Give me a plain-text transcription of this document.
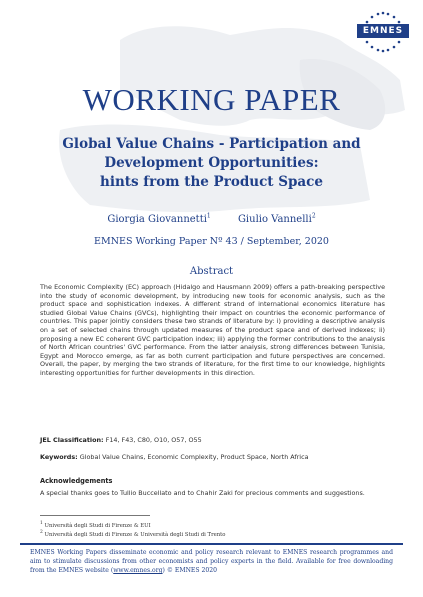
EMNES
WORKING PAPER
Global Value Chains - Participation and
Development Opportunities:
hints from the Product Space
Giorgia Giovannetti$^1$	Giulio Vannelli$^2$
EMNES Working Paper Nº 43 / September, 2020
Abstract
The Economic Complexity (EC) approach (Hidalgo and Hausmann 2009) offers a path-breaking perspective into the study of economic development, by introducing new tools for economic analysis, such as the product space and sophistication indexes. A different strand of international economics literature has studied Global Value Chains (GVCs), highlighting their impact on countries the economic performance of countries. This paper jointly considers these two strands of literature by: i) providing a descriptive analysis on a set of selected chains through updated measures of the product space and of derived indexes; ii) proposing a new EC coherent GVC participation index; iii) applying the former contributions to the analysis of North African countries' GVC performance. From the latter analysis, strong differences between Tunisia, Egypt and Morocco emerge, as far as both current participation and future perspectives are concerned. Overall, the paper, by merging the two strands of literature, for the first time to our knowledge, highlights interesting opportunities for further developments in this direction.
JEL Classification: F14, F43, C80, O10, O57, O55
Keywords: Global Value Chains, Economic Complexity, Product Space, North Africa
Acknowledgements
A special thanks goes to Tullio Buccellato and to Chahir Zaki for precious comments and suggestions.
$^1$ Università degli Studi di Firenze & EUI
$^2$ Università degli Studi di Firenze & Università degli Studi di Trento
EMNES Working Papers disseminate economic and policy research relevant to EMNES research programmes and aim to stimulate discussions from other economists and policy experts in the field. Available for free downloading from the EMNES website (www.emnes.org) © EMNES 2020
